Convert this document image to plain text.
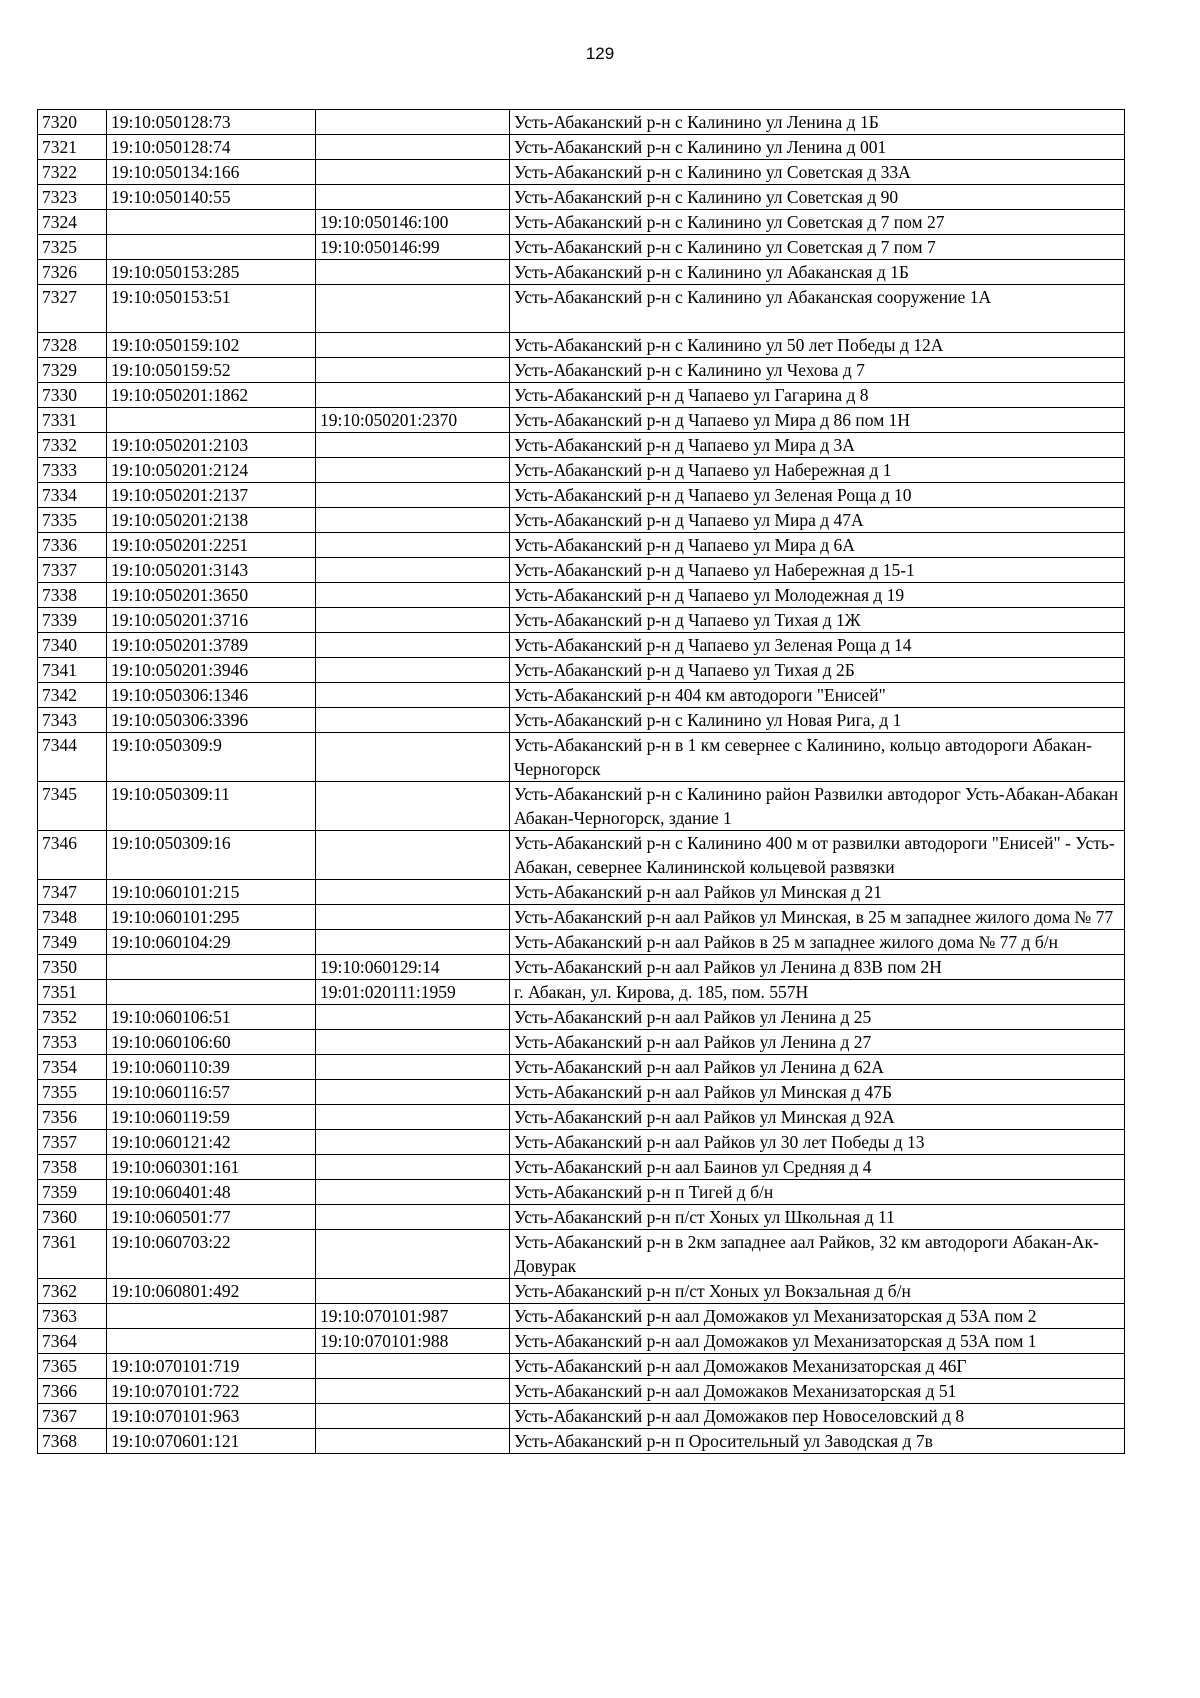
129
7320	19:10:050128:73		Усть-Абаканский р-н с Калинино ул Ленина д 1Б
7321	19:10:050128:74		Усть-Абаканский р-н с Калинино ул Ленина д 001
7322	19:10:050134:166		Усть-Абаканский р-н с Калинино ул Советская д 33А
7323	19:10:050140:55		Усть-Абаканский р-н с Калинино ул Советская д 90
7324		19:10:050146:100	Усть-Абаканский р-н с Калинино ул Советская д 7 пом 27
7325		19:10:050146:99	Усть-Абаканский р-н с Калинино ул Советская д 7 пом 7
7326	19:10:050153:285		Усть-Абаканский р-н с Калинино ул Абаканская д 1Б
7327	19:10:050153:51		Усть-Абаканский р-н с Калинино ул Абаканская сооружение 1А
7328	19:10:050159:102		Усть-Абаканский р-н с Калинино ул 50 лет Победы д 12А
7329	19:10:050159:52		Усть-Абаканский р-н с Калинино ул Чехова д 7
7330	19:10:050201:1862		Усть-Абаканский р-н д Чапаево ул Гагарина д 8
7331		19:10:050201:2370	Усть-Абаканский р-н д Чапаево ул Мира д 86 пом 1Н
7332	19:10:050201:2103		Усть-Абаканский р-н д Чапаево ул Мира д 3А
7333	19:10:050201:2124		Усть-Абаканский р-н д Чапаево ул Набережная д 1
7334	19:10:050201:2137		Усть-Абаканский р-н д Чапаево ул Зеленая Роща д 10
7335	19:10:050201:2138		Усть-Абаканский р-н д Чапаево ул Мира д 47А
7336	19:10:050201:2251		Усть-Абаканский р-н д Чапаево ул Мира д 6А
7337	19:10:050201:3143		Усть-Абаканский р-н д Чапаево ул Набережная д 15-1
7338	19:10:050201:3650		Усть-Абаканский р-н д Чапаево ул Молодежная д 19
7339	19:10:050201:3716		Усть-Абаканский р-н д Чапаево ул Тихая д 1Ж
7340	19:10:050201:3789		Усть-Абаканский р-н д Чапаево ул Зеленая Роща д 14
7341	19:10:050201:3946		Усть-Абаканский р-н д Чапаево ул Тихая д 2Б
7342	19:10:050306:1346		Усть-Абаканский р-н 404 км автодороги "Енисей"
7343	19:10:050306:3396		Усть-Абаканский р-н с Калинино ул Новая Рига, д 1
7344	19:10:050309:9		Усть-Абаканский р-н в 1 км севернее с Калинино, кольцо автодороги Абакан-Черногорск
7345	19:10:050309:11		Усть-Абаканский р-н с Калинино район Развилки автодорог Усть-Абакан-Абакан Абакан-Черногорск, здание 1
7346	19:10:050309:16		Усть-Абаканский р-н с Калинино 400 м от развилки автодороги "Енисей" - Усть-Абакан, севернее Калининской кольцевой развязки
7347	19:10:060101:215		Усть-Абаканский р-н аал Райков ул Минская д 21
7348	19:10:060101:295		Усть-Абаканский р-н аал Райков ул Минская, в 25 м западнее жилого дома № 77
7349	19:10:060104:29		Усть-Абаканский р-н аал Райков в 25 м западнее жилого дома № 77 д б/н
7350		19:10:060129:14	Усть-Абаканский р-н аал Райков ул Ленина д 83В пом 2Н
7351		19:01:020111:1959	г. Абакан, ул. Кирова, д. 185, пом. 557Н
7352	19:10:060106:51		Усть-Абаканский р-н аал Райков ул Ленина д 25
7353	19:10:060106:60		Усть-Абаканский р-н аал Райков ул Ленина д 27
7354	19:10:060110:39		Усть-Абаканский р-н аал Райков ул Ленина д 62А
7355	19:10:060116:57		Усть-Абаканский р-н аал Райков ул Минская д 47Б
7356	19:10:060119:59		Усть-Абаканский р-н аал Райков ул Минская д 92А
7357	19:10:060121:42		Усть-Абаканский р-н аал Райков ул 30 лет Победы д 13
7358	19:10:060301:161		Усть-Абаканский р-н аал Баинов ул Средняя д 4
7359	19:10:060401:48		Усть-Абаканский р-н п Тигей д б/н
7360	19:10:060501:77		Усть-Абаканский р-н п/ст Хоных ул Школьная д 11
7361	19:10:060703:22		Усть-Абаканский р-н в 2км западнее аал Райков, 32 км автодороги Абакан-Ак-Довурак
7362	19:10:060801:492		Усть-Абаканский р-н п/ст Хоных ул Вокзальная д б/н
7363		19:10:070101:987	Усть-Абаканский р-н аал Доможаков ул Механизаторская д 53А пом 2
7364		19:10:070101:988	Усть-Абаканский р-н аал Доможаков ул Механизаторская д 53А пом 1
7365	19:10:070101:719		Усть-Абаканский р-н аал Доможаков Механизаторская д 46Г
7366	19:10:070101:722		Усть-Абаканский р-н аал Доможаков Механизаторская д 51
7367	19:10:070101:963		Усть-Абаканский р-н аал Доможаков пер Новоселовский д 8
7368	19:10:070601:121		Усть-Абаканский р-н п Оросительный ул Заводская д 7в
